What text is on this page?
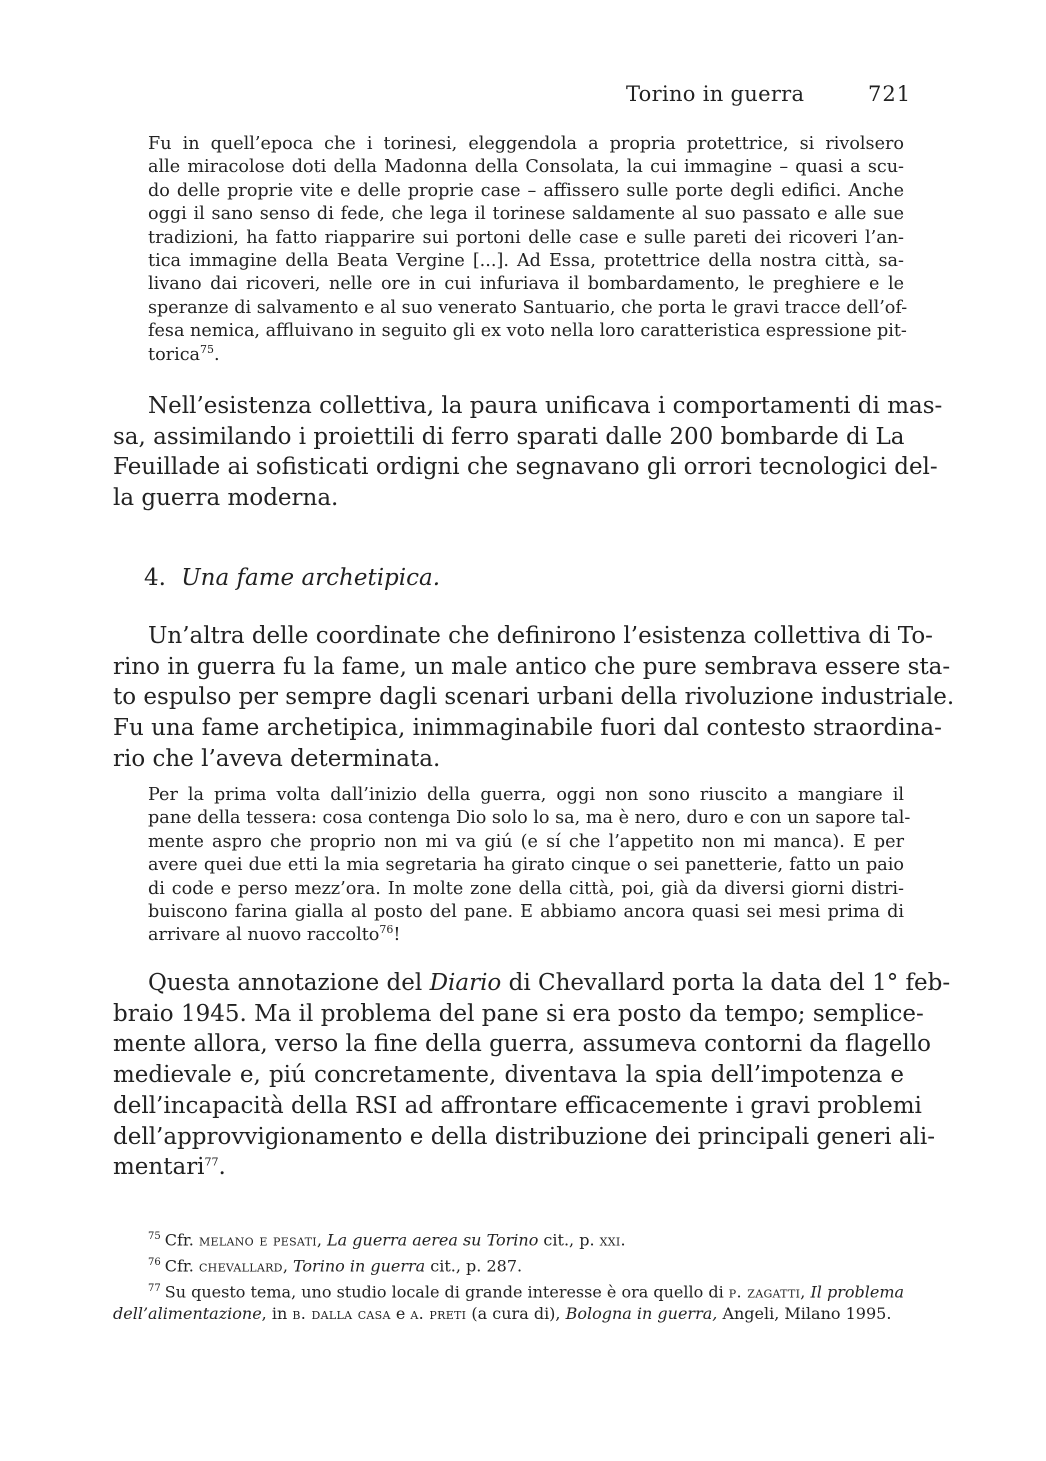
Torino in guerra	721
Fu in quell’epoca che i torinesi, eleggendola a propria protettrice, si rivolsero
alle miracolose doti della Madonna della Consolata, la cui immagine – quasi a scu-
do delle proprie vite e delle proprie case – affissero sulle porte degli edifici. Anche
oggi il sano senso di fede, che lega il torinese saldamente al suo passato e alle sue
tradizioni, ha fatto riapparire sui portoni delle case e sulle pareti dei ricoveri l’an-
tica immagine della Beata Vergine [...]. Ad Essa, protettrice della nostra città, sa-
livano dai ricoveri, nelle ore in cui infuriava il bombardamento, le preghiere e le
speranze di salvamento e al suo venerato Santuario, che porta le gravi tracce dell’of-
fesa nemica, affluivano in seguito gli ex voto nella loro caratteristica espressione pit-
torica$^{75}$.
Nell’esistenza collettiva, la paura unificava i comportamenti di mas-
sa, assimilando i proiettili di ferro sparati dalle 200 bombarde di La
Feuillade ai sofisticati ordigni che segnavano gli orrori tecnologici del-
la guerra moderna.
4. Una fame archetipica.
Un’altra delle coordinate che definirono l’esistenza collettiva di To-
rino in guerra fu la fame, un male antico che pure sembrava essere sta-
to espulso per sempre dagli scenari urbani della rivoluzione industriale.
Fu una fame archetipica, inimmaginabile fuori dal contesto straordina-
rio che l’aveva determinata.
Per la prima volta dall’inizio della guerra, oggi non sono riuscito a mangiare il
pane della tessera: cosa contenga Dio solo lo sa, ma è nero, duro e con un sapore tal-
mente aspro che proprio non mi va giú (e sí che l’appetito non mi manca). E per
avere quei due etti la mia segretaria ha girato cinque o sei panetterie, fatto un paio
di code e perso mezz’ora. In molte zone della città, poi, già da diversi giorni distri-
buiscono farina gialla al posto del pane. E abbiamo ancora quasi sei mesi prima di
arrivare al nuovo raccolto$^{76}$!
Questa annotazione del Diario di Chevallard porta la data del 1° feb-
braio 1945. Ma il problema del pane si era posto da tempo; semplice-
mente allora, verso la fine della guerra, assumeva contorni da flagello
medievale e, piú concretamente, diventava la spia dell’impotenza e
dell’incapacità della RSI ad affrontare efficacemente i gravi problemi
dell’approvvigionamento e della distribuzione dei principali generi ali-
mentari$^{77}$.
$^{75}$ Cfr. melano e pesati, La guerra aerea su Torino cit., p. xxi.
$^{76}$ Cfr. chevallard, Torino in guerra cit., p. 287.
$^{77}$ Su questo tema, uno studio locale di grande interesse è ora quello di p. zagatti, Il problema
dell’alimentazione, in b. dalla casa e a. preti (a cura di), Bologna in guerra, Angeli, Milano 1995.
